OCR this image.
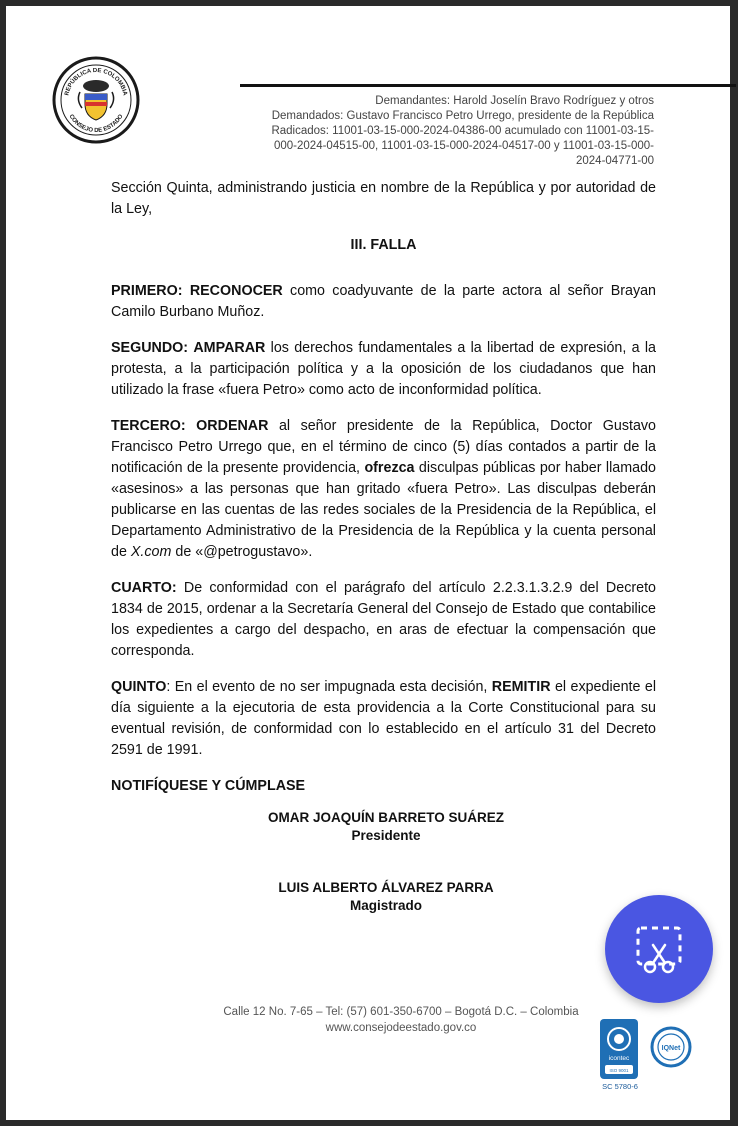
REPÚBLICA DE COLOMBIA
CONSEJO DE ESTADO
Demandantes: Harold Joselín Bravo Rodríguez y otros
Demandados: Gustavo Francisco Petro Urrego, presidente de la República
Radicados: 11001-03-15-000-2024-04386-00 acumulado con 11001-03-15-
000-2024-04515-00, 11001-03-15-000-2024-04517-00 y 11001-03-15-000-
2024-04771-00

Sección Quinta, administrando justicia en nombre de la República y por autoridad de la Ley,

III. FALLA

PRIMERO: RECONOCER como coadyuvante de la parte actora al señor Brayan Camilo Burbano Muñoz.

SEGUNDO: AMPARAR los derechos fundamentales a la libertad de expresión, a la protesta, a la participación política y a la oposición de los ciudadanos que han utilizado la frase «fuera Petro» como acto de inconformidad política.

TERCERO: ORDENAR al señor presidente de la República, Doctor Gustavo Francisco Petro Urrego que, en el término de cinco (5) días contados a partir de la notificación de la presente providencia, ofrezca disculpas públicas por haber llamado «asesinos» a las personas que han gritado «fuera Petro». Las disculpas deberán publicarse en las cuentas de las redes sociales de la Presidencia de la República, el Departamento Administrativo de la Presidencia de la República y la cuenta personal de X.com de «@petrogustavo».

CUARTO: De conformidad con el parágrafo del artículo 2.2.3.1.3.2.9 del Decreto 1834 de 2015, ordenar a la Secretaría General del Consejo de Estado que contabilice los expedientes a cargo del despacho, en aras de efectuar la compensación que corresponda.

QUINTO: En el evento de no ser impugnada esta decisión, REMITIR el expediente el día siguiente a la ejecutoria de esta providencia a la Corte Constitucional para su eventual revisión, de conformidad con lo establecido en el artículo 31 del Decreto 2591 de 1991.

NOTIFÍQUESE Y CÚMPLASE

OMAR JOAQUÍN BARRETO SUÁREZ
Presidente
LUIS ALBERTO ÁLVAREZ PARRA
Magistrado
Calle 12 No. 7-65 – Tel: (57) 601-350-6700 – Bogotá D.C. – Colombia
www.consejodeestado.gov.co
icontec
ISO 9001
IQNet
SC 5780-6
